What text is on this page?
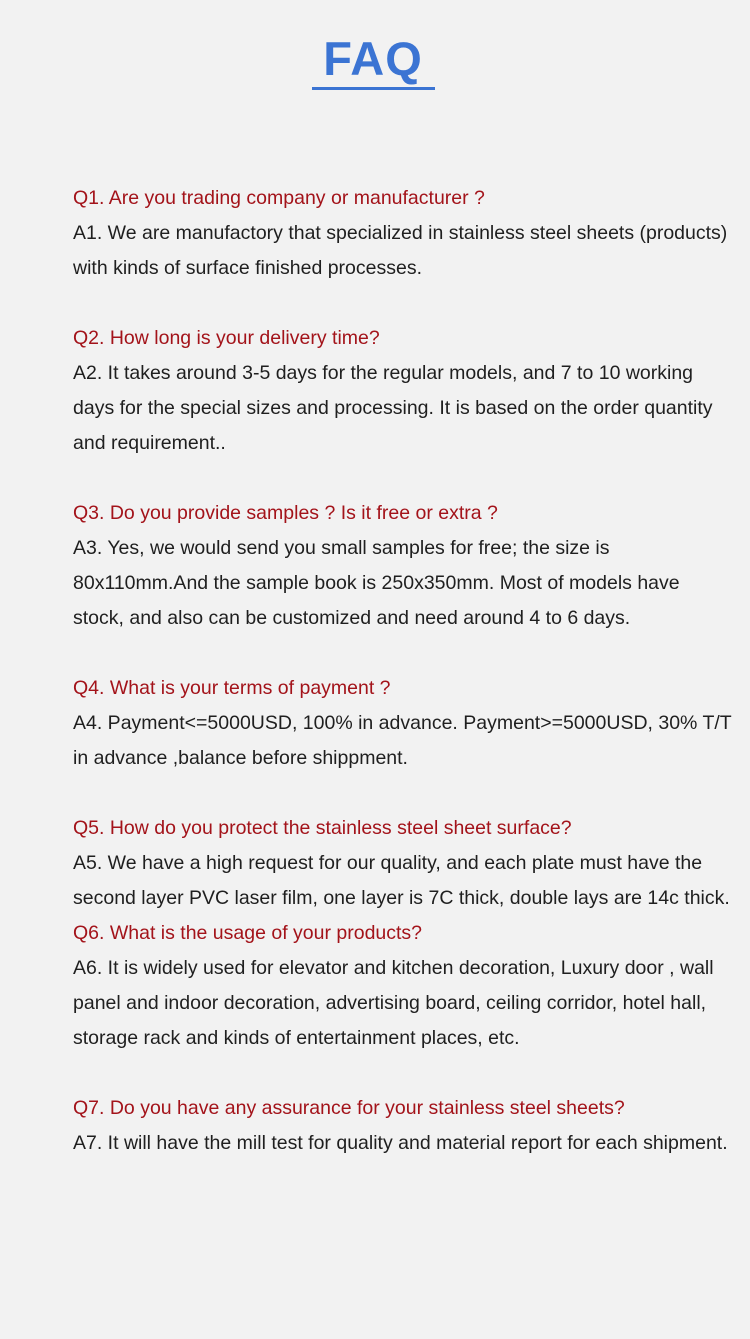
FAQ
Q1. Are you trading company or manufacturer ?
A1. We are manufactory that specialized in stainless steel sheets (products) with kinds of surface finished processes.
Q2. How long is your delivery time?
A2. It takes around 3-5 days for the regular models, and 7 to 10 working days for the special sizes and processing. It is based on the order quantity and requirement..
Q3. Do you provide samples ? Is it free or extra ?
A3. Yes, we would send you small samples for free; the size is 80x110mm.And the sample book is 250x350mm. Most of models have stock, and also can be customized and need around 4 to 6 days.
Q4. What is your terms of payment ?
A4. Payment<=5000USD, 100% in advance. Payment>=5000USD, 30% T/T in advance ,balance before shippment.
Q5. How do you protect the stainless steel sheet surface?
A5. We have a high request for our quality, and each plate must have the second layer PVC laser film, one layer is 7C thick, double lays are 14c thick.
Q6. What is the usage of your products?
A6. It is widely used for elevator and kitchen decoration, Luxury door , wall panel and indoor decoration, advertising board, ceiling corridor, hotel hall, storage rack and kinds of entertainment places, etc.
Q7. Do you have any assurance for your stainless steel sheets?
A7. It will have the mill test for quality and material report for each shipment.
